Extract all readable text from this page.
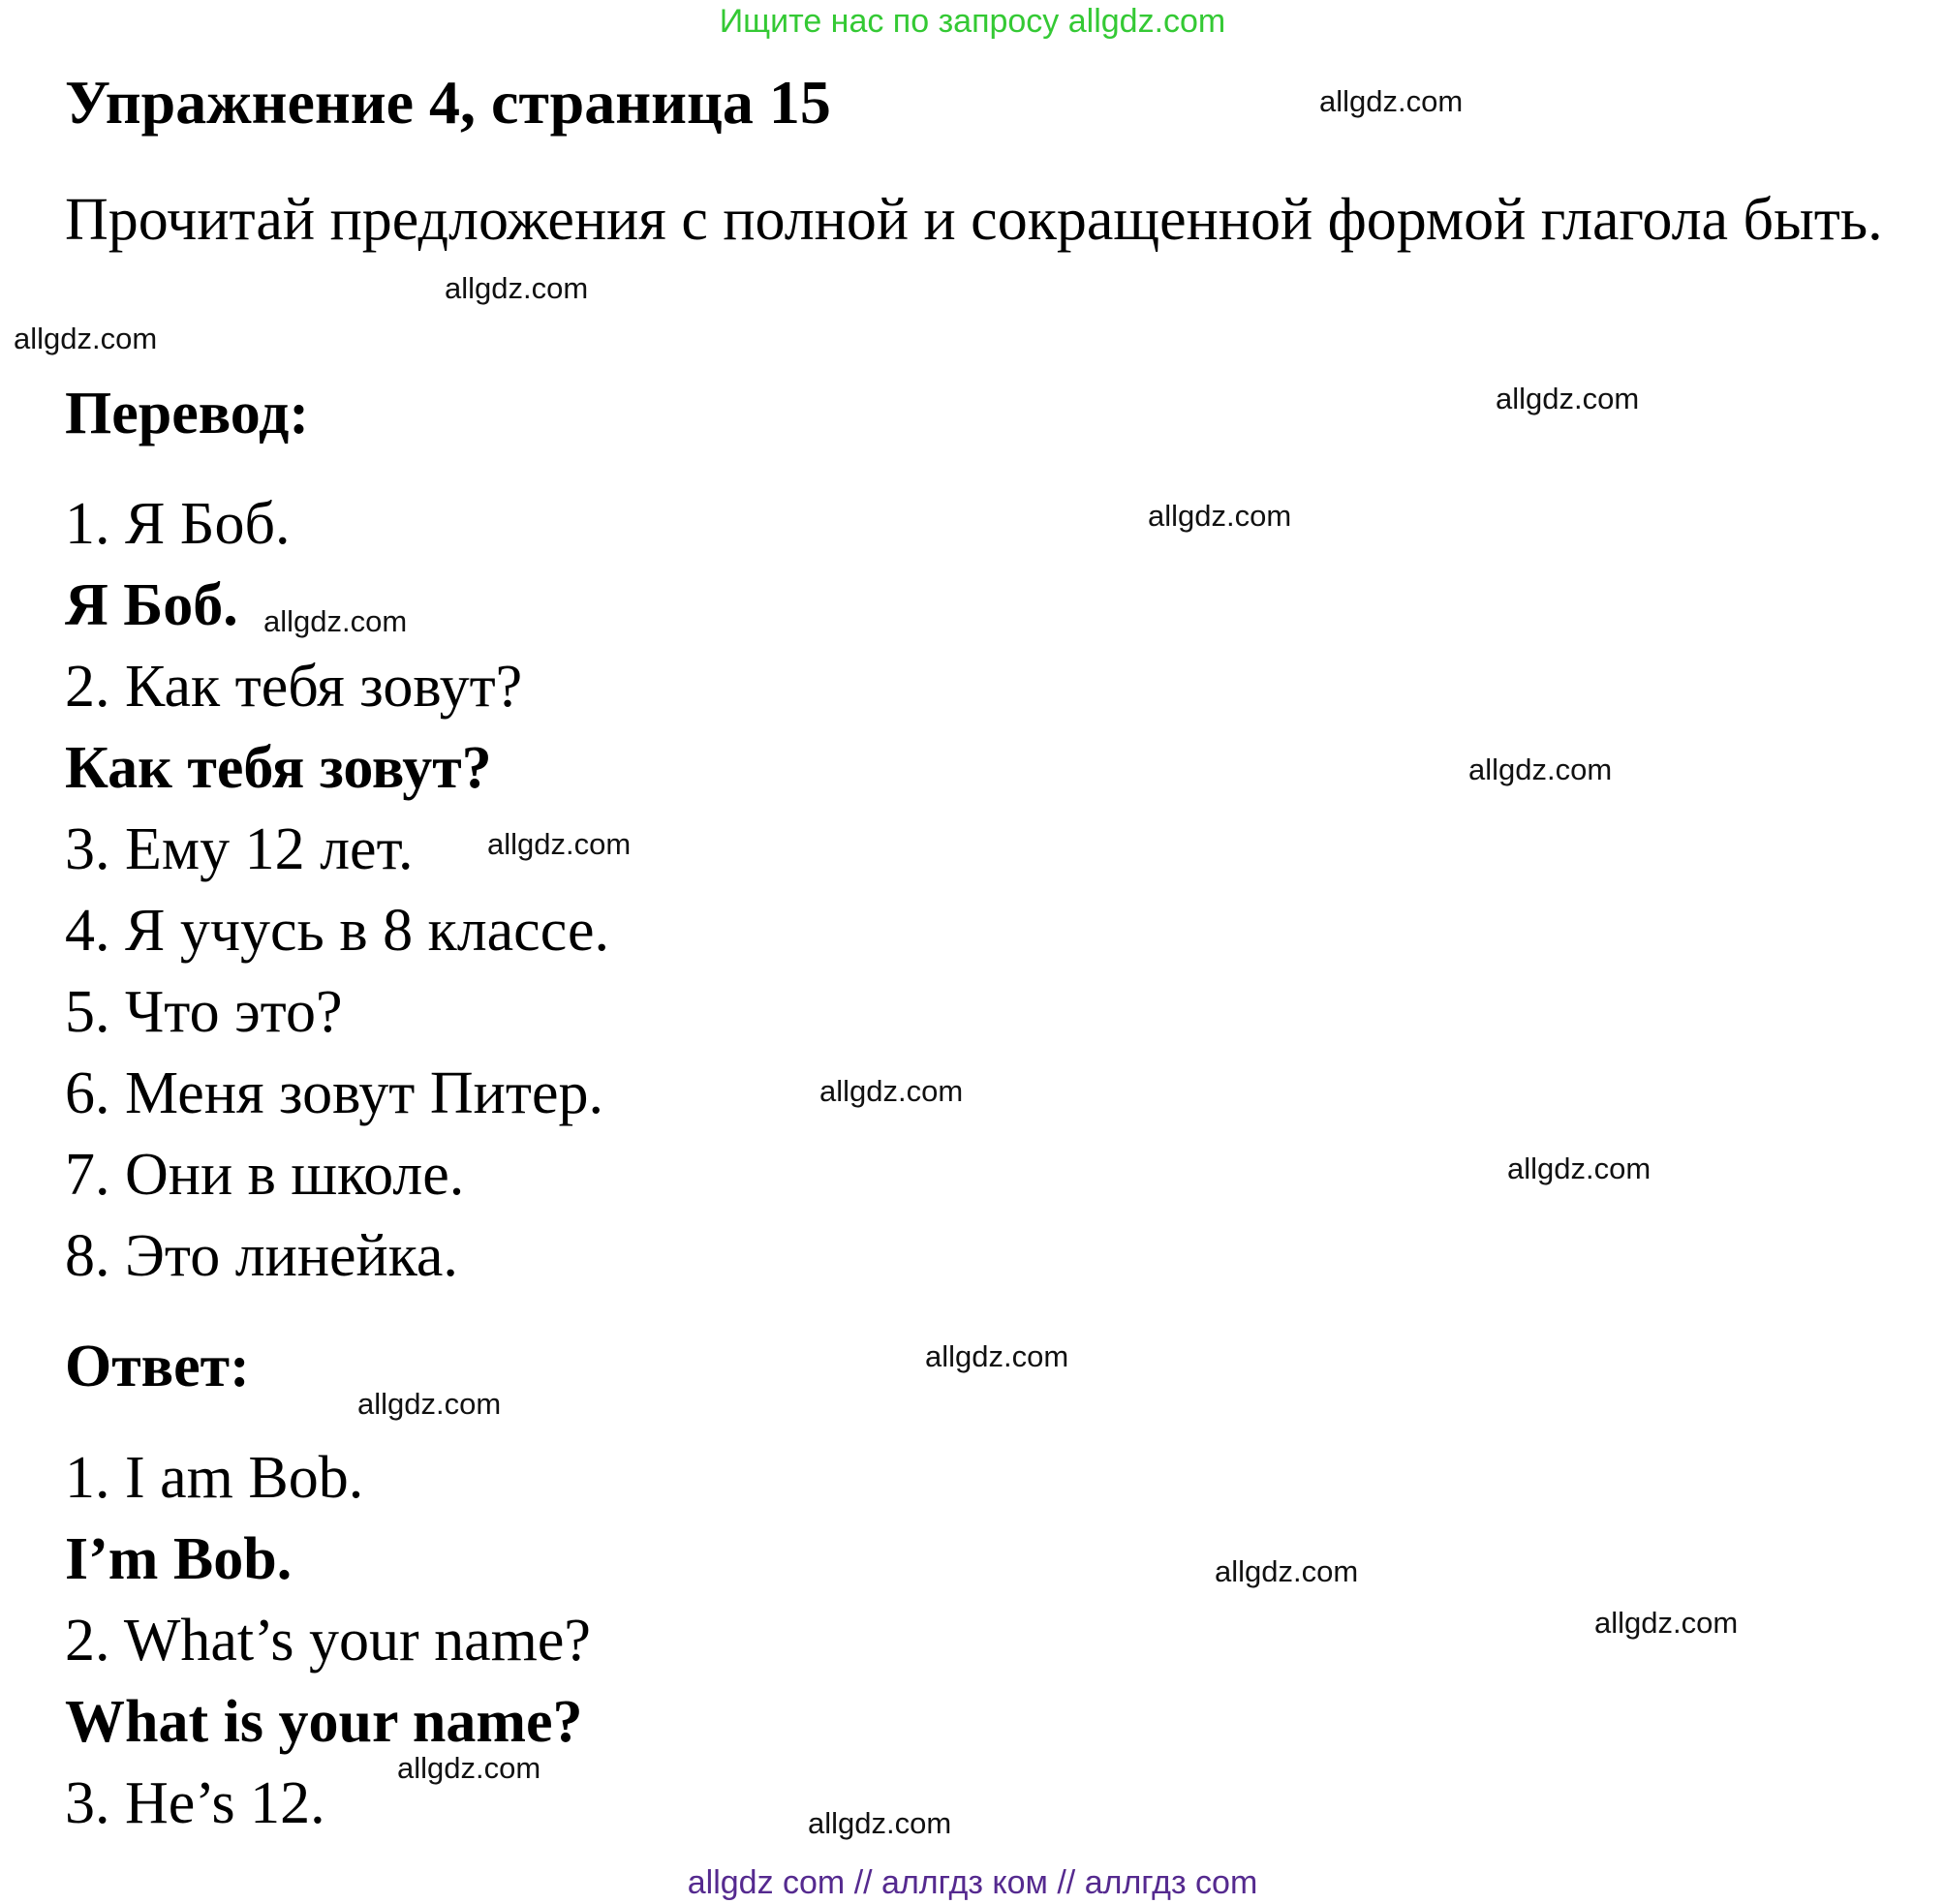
Ищите нас по запросу allgdz.com
Упражнение 4, страница 15
Прочитай предложения с полной и сокращенной формой глагола быть.
Перевод:
1. Я Боб.
Я Боб.
2. Как тебя зовут?
Как тебя зовут?
3. Ему 12 лет.
4. Я учусь в 8 классе.
5. Что это?
6. Меня зовут Питер.
7. Они в школе.
8. Это линейка.
Ответ:
1. I am Bob.
I’m Bob.
2. What’s your name?
What is your name?
3. He’s 12.
allgdz.com
allgdz.com
allgdz.com
allgdz.com
allgdz.com
allgdz.com
allgdz.com
allgdz.com
allgdz.com
allgdz.com
allgdz.com
allgdz.com
allgdz.com
allgdz.com
allgdz.com
allgdz.com
allgdz com // аллгдз ком // аллгдз com
